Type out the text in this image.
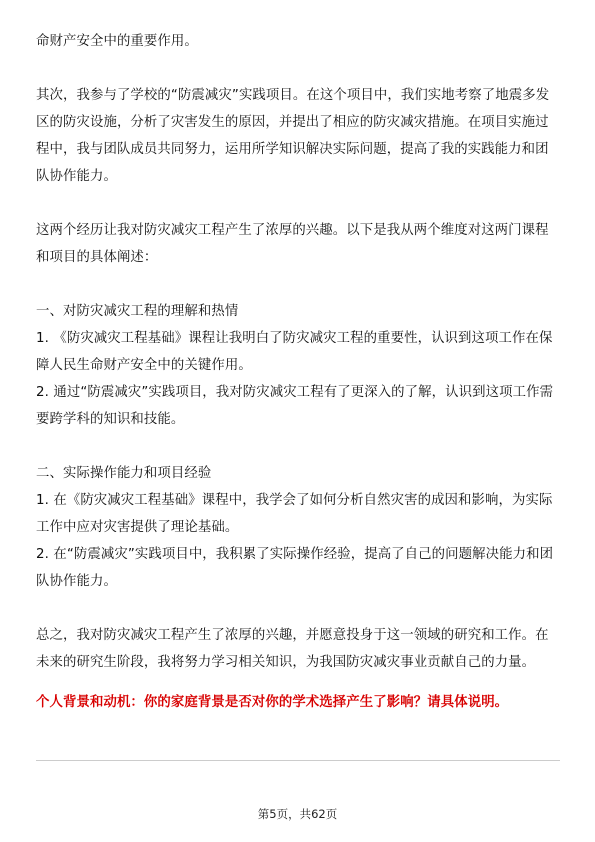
命财产安全中的重要作用。

其次，我参与了学校的“防震减灾”实践项目。在这个项目中，我们实地考察了地震多发区的防灾设施，分析了灾害发生的原因，并提出了相应的防灾减灾措施。在项目实施过程中，我与团队成员共同努力，运用所学知识解决实际问题，提高了我的实践能力和团队协作能力。

这两个经历让我对防灾减灾工程产生了浓厚的兴趣。以下是我从两个维度对这两门课程和项目的具体阐述：

一、对防灾减灾工程的理解和热情

1. 《防灾减灾工程基础》课程让我明白了防灾减灾工程的重要性，认识到这项工作在保障人民生命财产安全中的关键作用。

2. 通过“防震减灾”实践项目，我对防灾减灾工程有了更深入的了解，认识到这项工作需要跨学科的知识和技能。

二、实际操作能力和项目经验

1. 在《防灾减灾工程基础》课程中，我学会了如何分析自然灾害的成因和影响，为实际工作中应对灾害提供了理论基础。

2. 在“防震减灾”实践项目中，我积累了实际操作经验，提高了自己的问题解决能力和团队协作能力。

总之，我对防灾减灾工程产生了浓厚的兴趣，并愿意投身于这一领域的研究和工作。在未来的研究生阶段，我将努力学习相关知识，为我国防灾减灾事业贡献自己的力量。

个人背景和动机：你的家庭背景是否对你的学术选择产生了影响？请具体说明。

第5页，共62页
